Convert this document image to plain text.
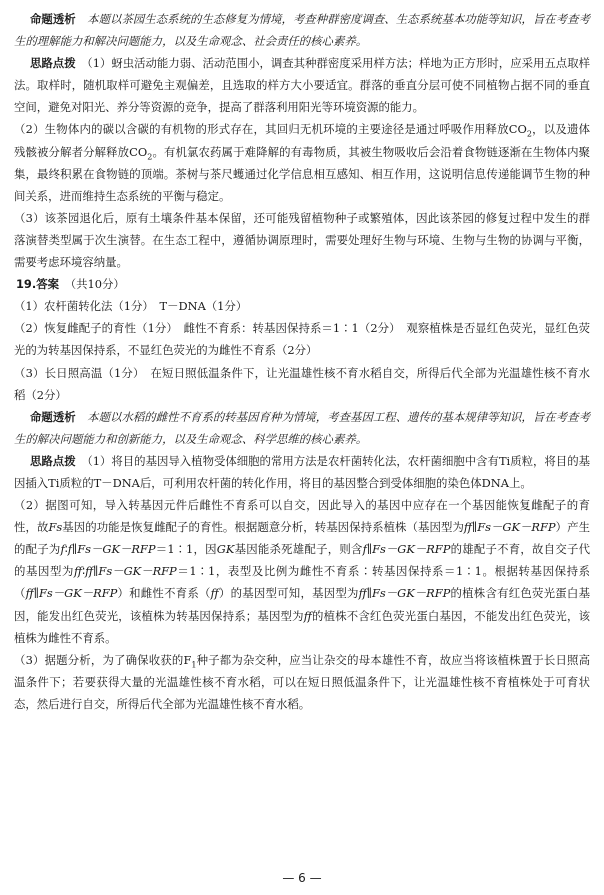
命题透析　 本题以茶园生态系统的生态修复为情境，考查种群密度调查、生态系统基本功能等知识，旨在考查考生的理解能力和解决问题能力，以及生命观念、社会责任的核心素养。

思路点拨　 （1）蚜虫活动能力弱、活动范围小，调查其种群密度采用样方法；样地为正方形时，应采用五点取样法。取样时，随机取样可避免主观偏差，且选取的样方大小要适宜。群落的垂直分层可使不同植物占据不同的垂直空间，避免对阳光、养分等资源的竞争，提高了群落利用阳光等环境资源的能力。

（2）生物体内的碳以含碳的有机物的形式存在，其回归无机环境的主要途径是通过呼吸作用释放$CO_2$，以及遗体残骸被分解者分解释放$CO_2$。有机氯农药属于难降解的有毒物质，其被生物吸收后会沿着食物链逐渐在生物体内聚集，最终积累在食物链的顶端。茶树与茶尺蠖通过化学信息相互感知、相互作用，这说明信息传递能调节生物的种间关系，进而维持生态系统的平衡与稳定。

（3）该茶园退化后，原有土壤条件基本保留，还可能残留植物种子或繁殖体，因此该茶园的修复过程中发生的群落演替类型属于次生演替。在生态工程中，遵循协调原理时，需要处理好生物与环境、生物与生物的协调与平衡，需要考虑环境容纳量。

19.答案　 （共10分）

（1）农杆菌转化法（1分）　T－DNA（1分）

（2）恢复雌配子的育性（1分）　雌性不育系：转基因保持系＝1∶1（2分）　观察植株是否显红色荧光，显红色荧光的为转基因保持系，不显红色荧光的为雌性不育系（2分）

（3）长日照高温（1分）　在短日照低温条件下，让光温雄性核不育水稻自交，所得后代全部为光温雄性核不育水稻（2分）

命题透析　 本题以水稻的雌性不育系的转基因育种为情境，考查基因工程、遗传的基本规律等知识，旨在考查考生的解决问题能力和创新能力，以及生命观念、科学思维的核心素养。

思路点拨　 （1）将目的基因导入植物受体细胞的常用方法是农杆菌转化法，农杆菌细胞中含有Ti质粒，将目的基因插入Ti质粒的T－DNA后，可利用农杆菌的转化作用，将目的基因整合到受体细胞的染色体DNA上。

（2）据图可知，导入转基因元件后雌性不育系可以自交，因此导入的基因中应存在一个基因能恢复雌配子的育性，故Fs基因的功能是恢复雌配子的育性。根据题意分析，转基因保持系植株（基因型为ff∥Fs－GK－RFP）产生的配子为f∶f∥Fs－GK－RFP＝1∶1，因GK基因能杀死雄配子，则含f∥Fs－GK－RFP的雄配子不育，故自交子代的基因型为ff∶ff∥Fs－GK－RFP＝1∶1，表型及比例为雌性不育系∶转基因保持系＝1∶1。根据转基因保持系（ff∥Fs－GK－RFP）和雌性不育系（ff）的基因型可知，基因型为ff∥Fs－GK－RFP的植株含有红色荧光蛋白基因，能发出红色荧光，该植株为转基因保持系；基因型为ff的植株不含红色荧光蛋白基因，不能发出红色荧光，该植株为雌性不育系。

（3）据题分析，为了确保收获的$F_1$种子都为杂交种，应当让杂交的母本雄性不育，故应当将该植株置于长日照高温条件下；若要获得大量的光温雄性核不育水稻，可以在短日照低温条件下，让光温雄性核不育植株处于可育状态，然后进行自交，所得后代全部为光温雄性核不育水稻。

— 6 —
